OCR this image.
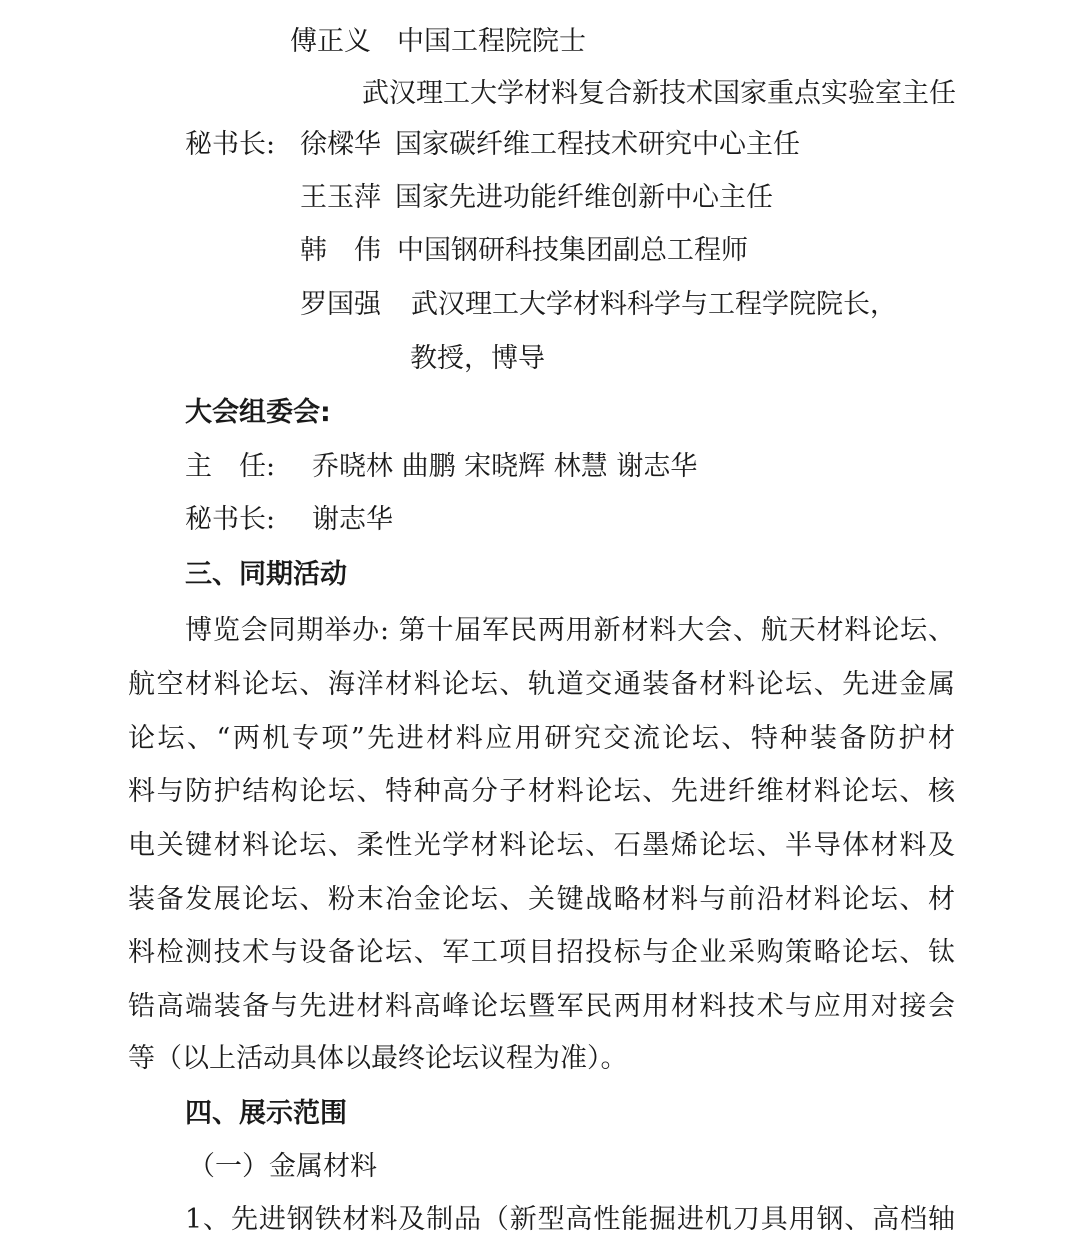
傅正义 中国工程院院士
武汉理工大学材料复合新技术国家重点实验室主任
秘书长: 徐樑华 国家碳纤维工程技术研究中心主任
王玉萍 国家先进功能纤维创新中心主任
韩　伟 中国钢研科技集团副总工程师
罗国强 武汉理工大学材料科学与工程学院院长，
教授，博导
大会组委会:
主　任: 乔晓林 曲鹏 宋晓辉 林慧 谢志华
秘书长: 谢志华
三、同期活动
博览会同期举办: 第十届军民两用新材料大会、航天材料论坛、
航空材料论坛、海洋材料论坛、轨道交通装备材料论坛、先进金属
论坛、“两机专项”先进材料应用研究交流论坛、特种装备防护材
料与防护结构论坛、特种高分子材料论坛、先进纤维材料论坛、核
电关键材料论坛、柔性光学材料论坛、石墨烯论坛、半导体材料及
装备发展论坛、粉末冶金论坛、关键战略材料与前沿材料论坛、材
料检测技术与设备论坛、军工项目招投标与企业采购策略论坛、钛
锆高端装备与先进材料高峰论坛暨军民两用材料技术与应用对接会
等（以上活动具体以最终论坛议程为准）。
四、展示范围
（一）金属材料
1、先进钢铁材料及制品（新型高性能掘进机刀具用钢、高档轴
